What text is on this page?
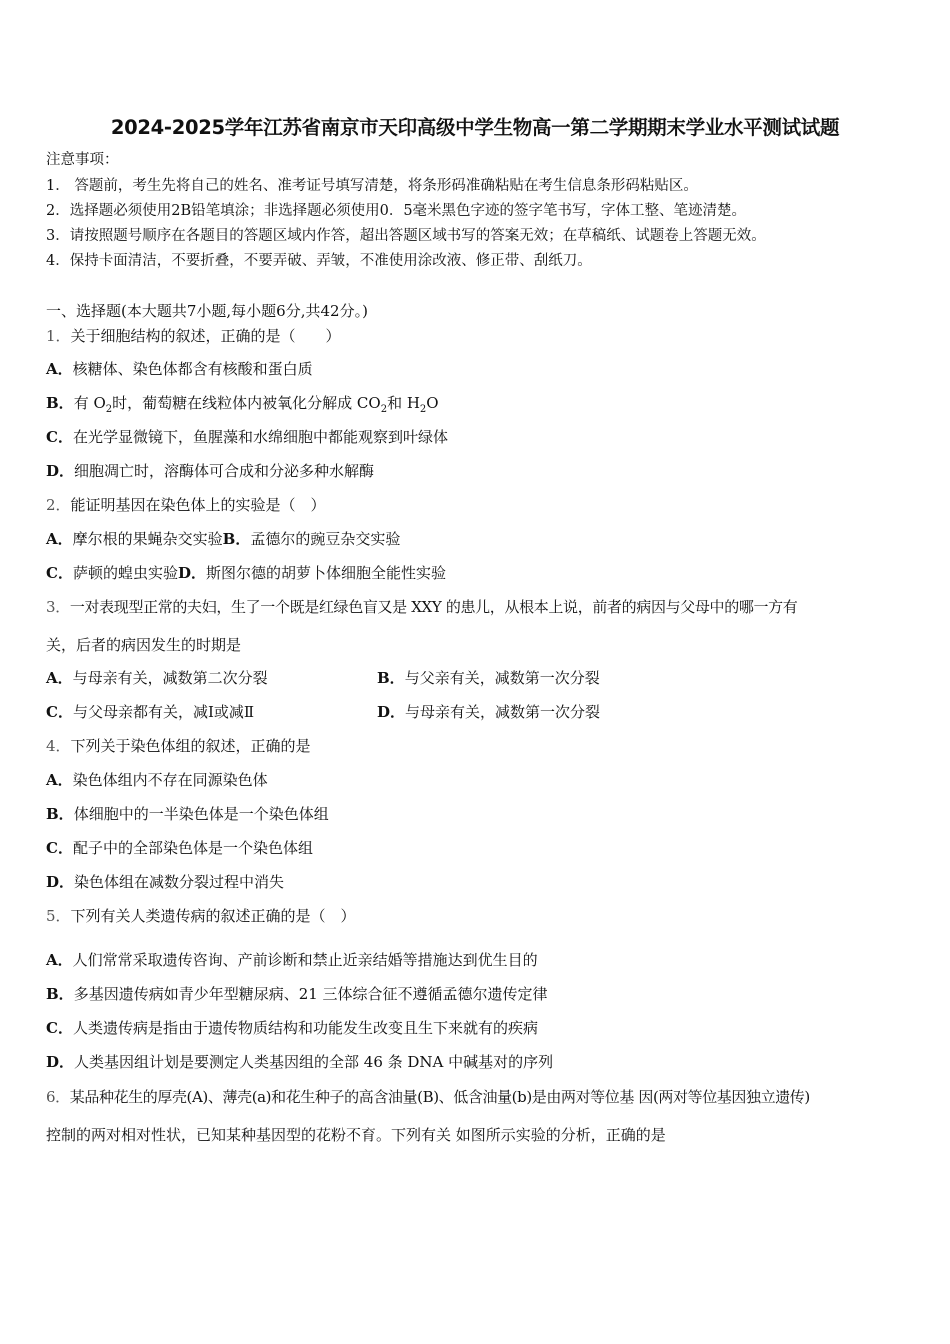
2024-2025学年江苏省南京市天印高级中学生物高一第二学期期末学业水平测试试题
注意事项：
1． 答题前，考生先将自己的姓名、准考证号填写清楚，将条形码准确粘贴在考生信息条形码粘贴区。
2．选择题必须使用2B铅笔填涂；非选择题必须使用0．5毫米黑色字迹的签字笔书写，字体工整、笔迹清楚。
3．请按照题号顺序在各题目的答题区域内作答，超出答题区域书写的答案无效；在草稿纸、试题卷上答题无效。
4．保持卡面清洁，不要折叠，不要弄破、弄皱，不准使用涂改液、修正带、刮纸刀。
一、选择题(本大题共7小题,每小题6分,共42分。)
1．关于细胞结构的叙述，正确的是（　　）
A．核糖体、染色体都含有核酸和蛋白质
B．有 $O_2$时，葡萄糖在线粒体内被氧化分解成 $CO_2$和 $H_2O$
C．在光学显微镜下，鱼腥藻和水绵细胞中都能观察到叶绿体
D．细胞凋亡时，溶酶体可合成和分泌多种水解酶
2．能证明基因在染色体上的实验是（　）
A．摩尔根的果蝇杂交实验B．孟德尔的豌豆杂交实验
C．萨顿的蝗虫实验D．斯图尔德的胡萝卜体细胞全能性实验
3．一对表现型正常的夫妇，生了一个既是红绿色盲又是 XXY 的患儿，从根本上说，前者的病因与父母中的哪一方有
关，后者的病因发生的时期是
A．与母亲有关，减数第二次分裂	B．与父亲有关，减数第一次分裂
C．与父母亲都有关，减Ⅰ或减Ⅱ	D．与母亲有关，减数第一次分裂
4．下列关于染色体组的叙述，正确的是
A．染色体组内不存在同源染色体
B．体细胞中的一半染色体是一个染色体组
C．配子中的全部染色体是一个染色体组
D．染色体组在减数分裂过程中消失
5．下列有关人类遗传病的叙述正确的是（　）
A．人们常常采取遗传咨询、产前诊断和禁止近亲结婚等措施达到优生目的
B．多基因遗传病如青少年型糖尿病、21 三体综合征不遵循孟德尔遗传定律
C．人类遗传病是指由于遗传物质结构和功能发生改变且生下来就有的疾病
D．人类基因组计划是要测定人类基因组的全部 46 条 DNA 中碱基对的序列
6．某品种花生的厚壳(A)、薄壳(a)和花生种子的高含油量(B)、低含油量(b)是由两对等位基 因(两对等位基因独立遗传)
控制的两对相对性状，已知某种基因型的花粉不育。下列有关 如图所示实验的分析，正确的是
